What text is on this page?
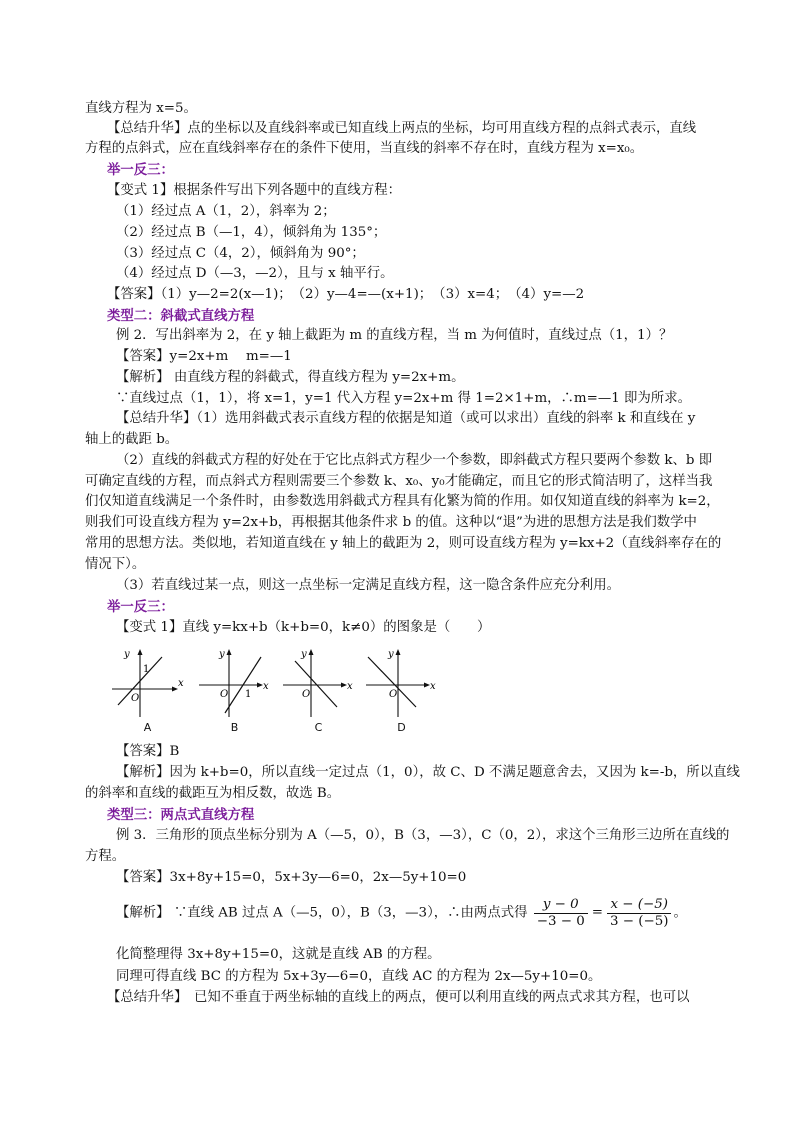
直线方程为 x=5。
【总结升华】点的坐标以及直线斜率或已知直线上两点的坐标，均可用直线方程的点斜式表示，直线
方程的点斜式，应在直线斜率存在的条件下使用，当直线的斜率不存在时，直线方程为 x=x₀。
举一反三：
【变式 1】根据条件写出下列各题中的直线方程：
（1）经过点 A（1，2），斜率为 2；
（2）经过点 B（—1，4），倾斜角为 135°；
（3）经过点 C（4，2），倾斜角为 90°；
（4）经过点 D（—3，—2），且与 x 轴平行。
【答案】（1）y—2=2(x—1)；　（2）y—4=—(x+1)；　（3）x=4；　（4）y=—2
类型二：斜截式直线方程
例 2．写出斜率为 2，在 y 轴上截距为 m 的直线方程，当 m 为何值时，直线过点（1，1）？
【答案】y=2x+m　 m=—1
【解析】 由直线方程的斜截式，得直线方程为 y=2x+m。
∵直线过点（1，1），将 x=1，y=1 代入方程 y=2x+m 得 1=2×1+m，∴m=—1 即为所求。
【总结升华】（1）选用斜截式表示直线方程的依据是知道（或可以求出）直线的斜率 k 和直线在 y
轴上的截距 b。
（2）直线的斜截式方程的好处在于它比点斜式方程少一个参数，即斜截式方程只要两个参数 k、b 即
可确定直线的方程，而点斜式方程则需要三个参数 k、x₀、y₀才能确定，而且它的形式简洁明了，这样当我
们仅知道直线满足一个条件时，由参数选用斜截式方程具有化繁为简的作用。如仅知道直线的斜率为 k=2，
则我们可设直线方程为 y=2x+b，再根据其他条件求 b 的值。这种以“退”为进的思想方法是我们数学中
常用的思想方法。类似地，若知道直线在 y 轴上的截距为 2，则可设直线方程为 y=kx+2（直线斜率存在的
情况下）。
（3）若直线过某一点，则这一点坐标一定满足直线方程，这一隐含条件应充分利用。
举一反三：
【变式 1】直线 y=kx+b（k+b=0，k≠0）的图象是（　　）
y
x
O
1
A
y
x
O 1
B
y
x
O
C
y
x
O
D
【答案】B
【解析】因为 k+b=0，所以直线一定过点（1，0），故 C、D 不满足题意舍去，又因为 k=-b，所以直线
的斜率和直线的截距互为相反数，故选 B。
类型三：两点式直线方程
例 3．三角形的顶点坐标分别为 A（—5，0），B（3，—3），C（0，2），求这个三角形三边所在直线的
方程。
【答案】3x+8y+15=0，5x+3y—6=0，2x—5y+10=0
【解析】 ∵直线 AB 过点 A（—5，0），B（3，—3），∴由两点式得 $\frac{y - 0}{-3 - 0} = \frac{x - (-5)}{3 - (-5)}$ 。
化简整理得 3x+8y+15=0，这就是直线 AB 的方程。
同理可得直线 BC 的方程为 5x+3y—6=0，直线 AC 的方程为 2x—5y+10=0。
【总结升华】　已知不垂直于两坐标轴的直线上的两点，便可以利用直线的两点式求其方程，也可以
